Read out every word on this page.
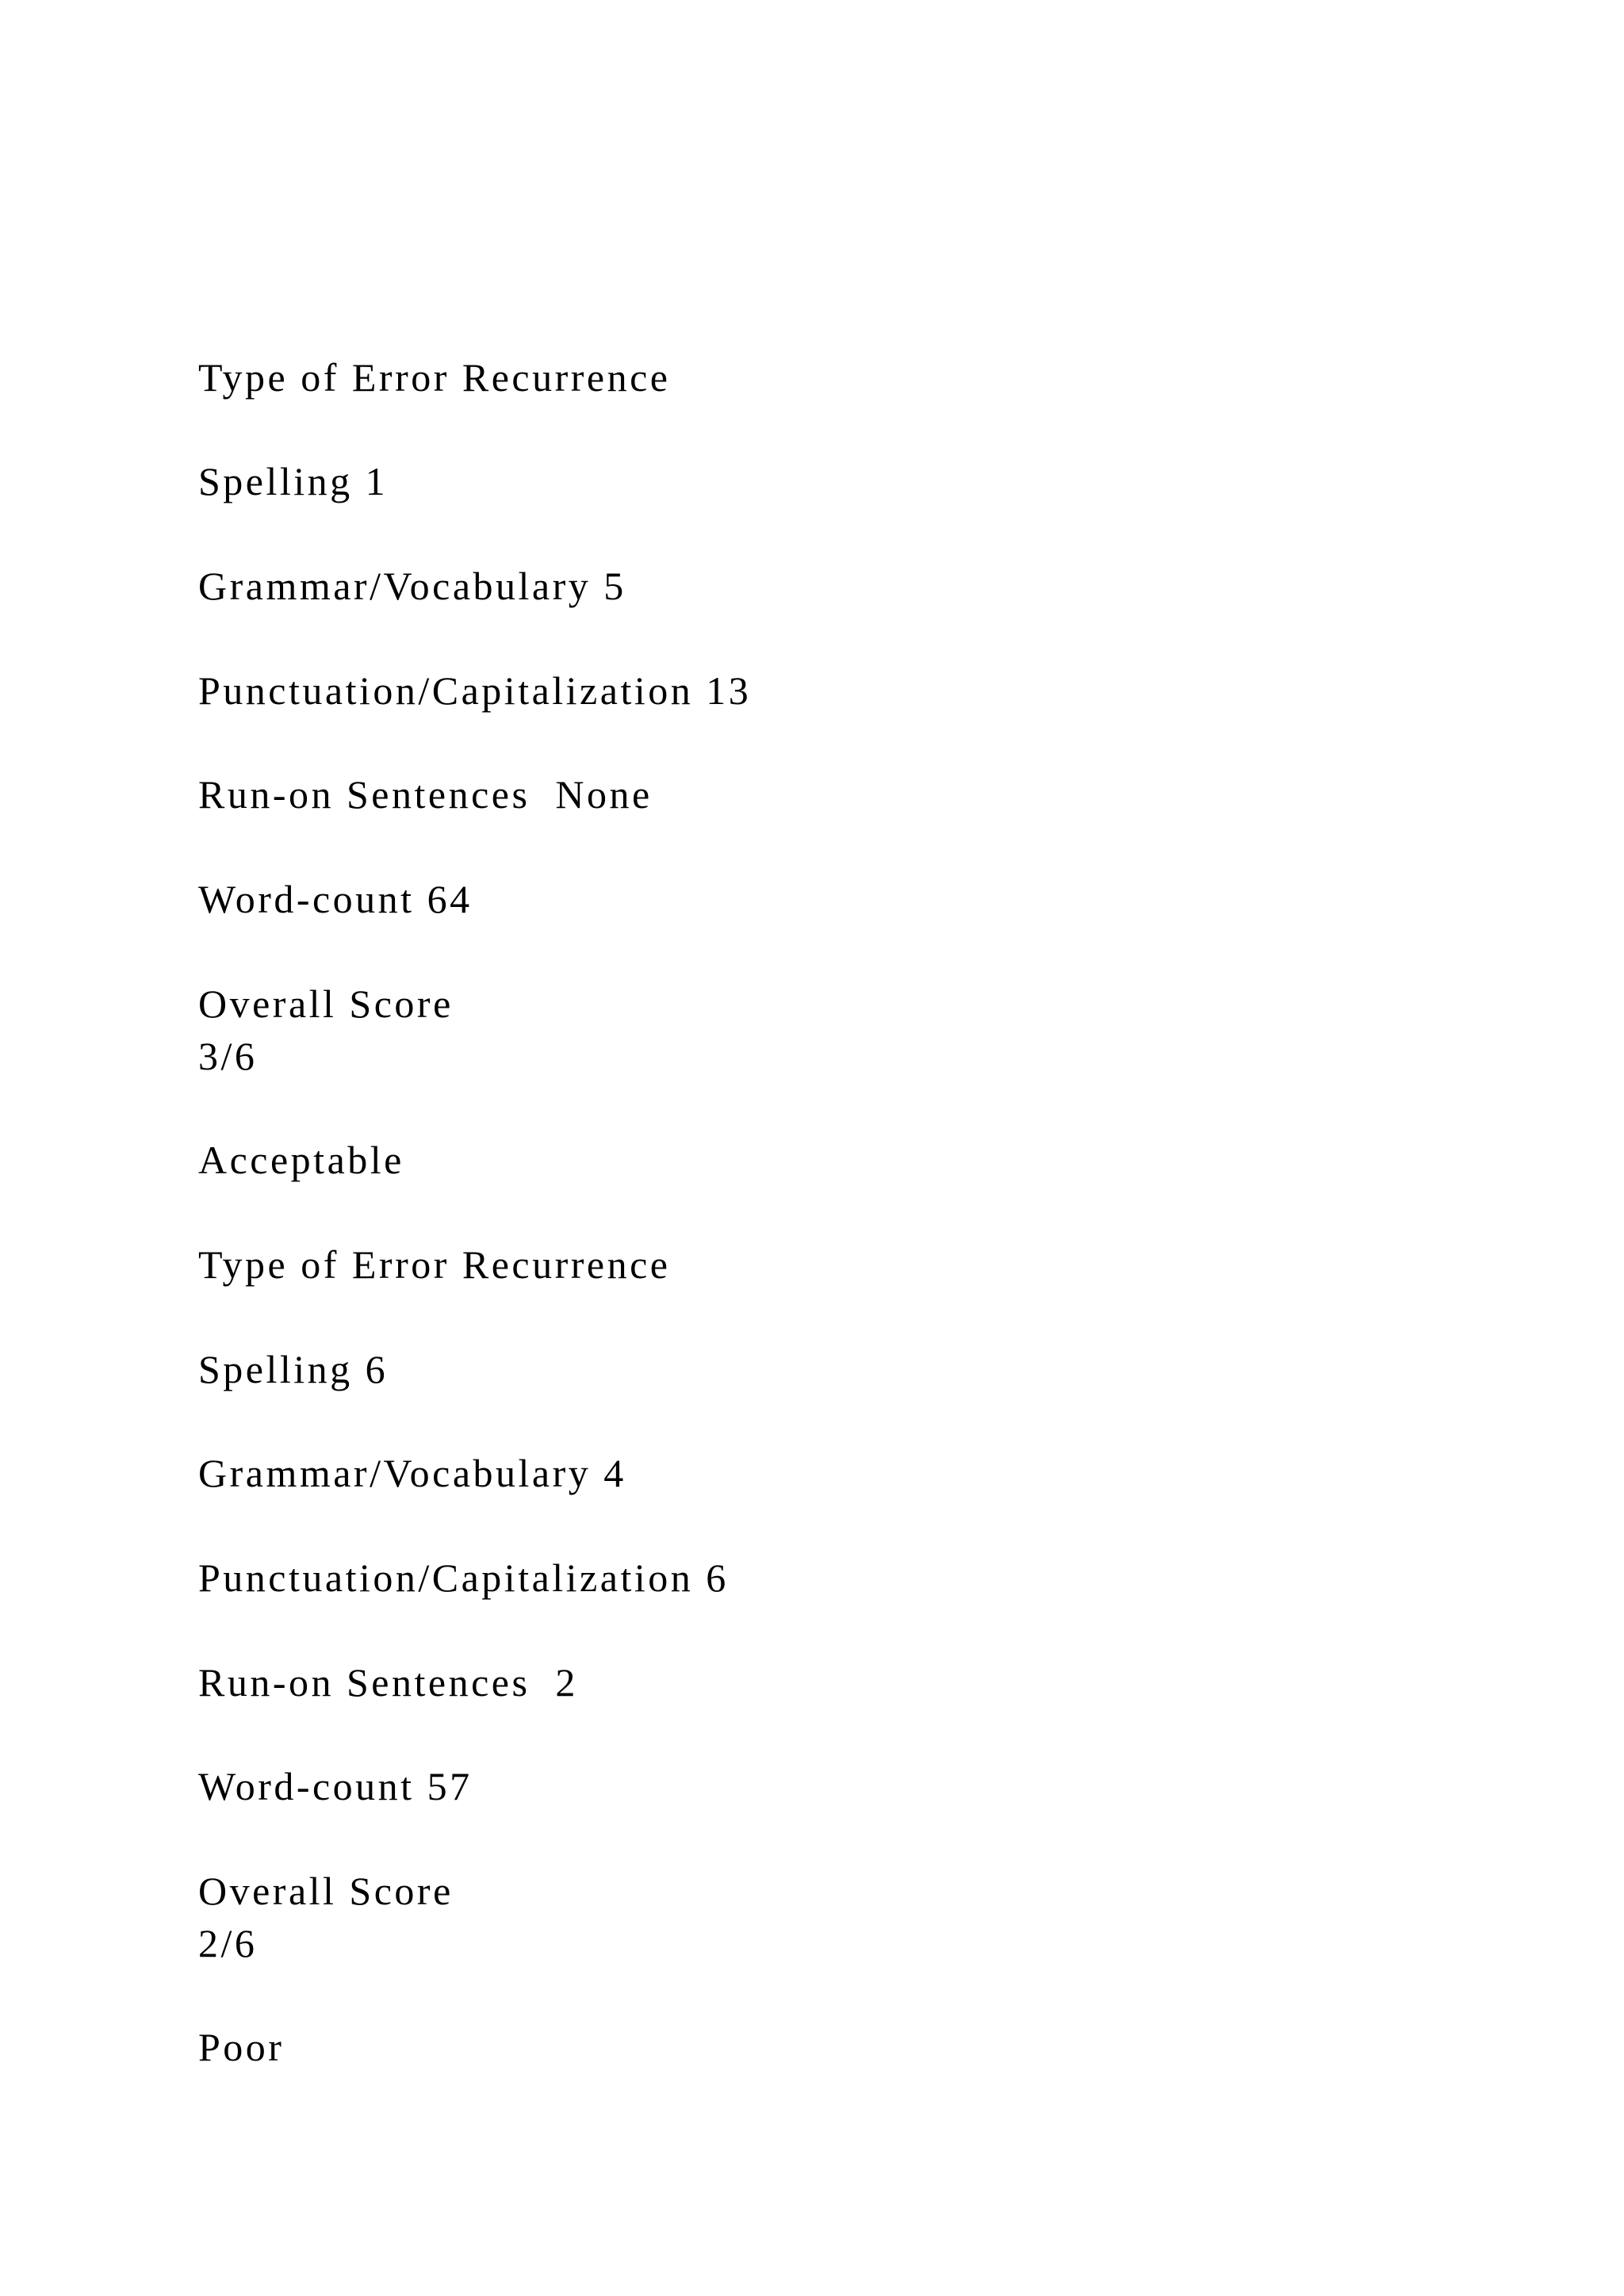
Type of Error Recurrence

Spelling 1

Grammar/Vocabulary 5

Punctuation/Capitalization 13

Run-on Sentences  None

Word-count 64

Overall Score

3/6

Acceptable

Type of Error Recurrence

Spelling 6

Grammar/Vocabulary 4

Punctuation/Capitalization 6

Run-on Sentences  2

Word-count 57

Overall Score

2/6

Poor
